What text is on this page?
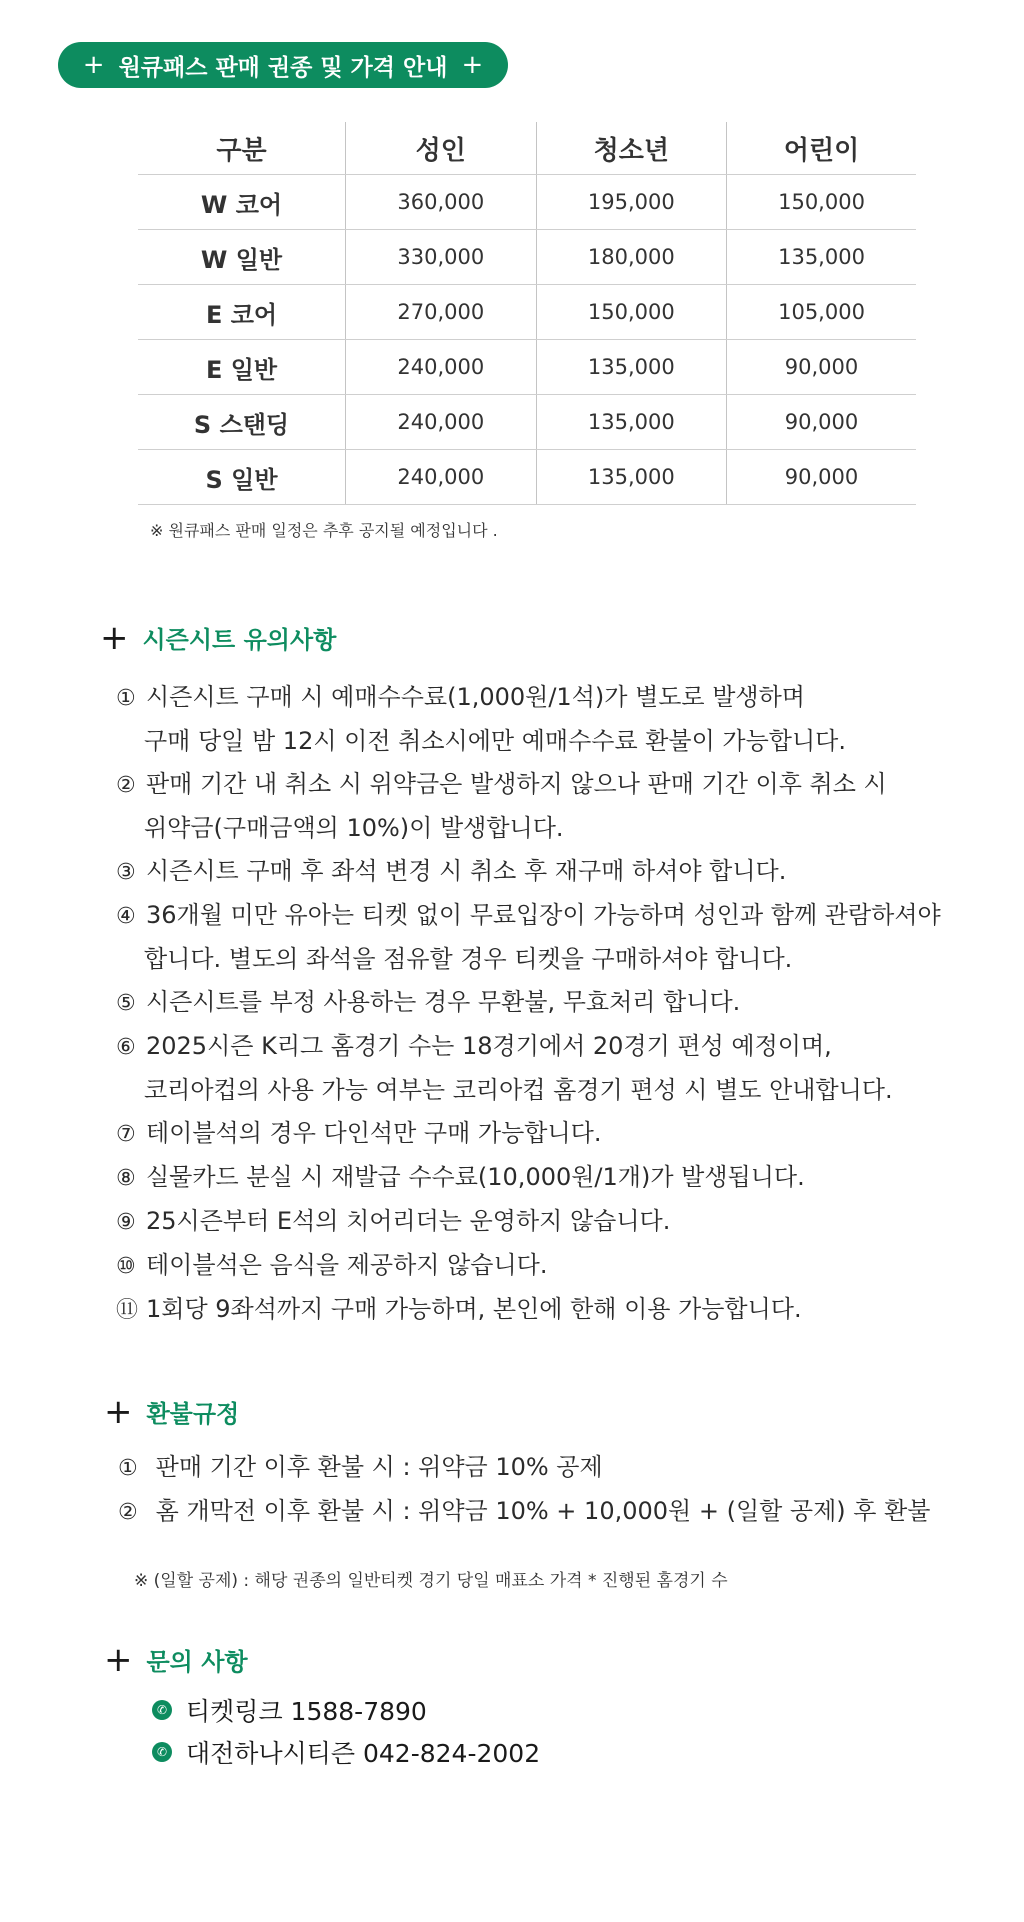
+ 원큐패스 판매 권종 및 가격 안내 +
구분	성인	청소년	어린이
W 코어	360,000	195,000	150,000
W 일반	330,000	180,000	135,000
E 코어	270,000	150,000	105,000
E 일반	240,000	135,000	90,000
S 스탠딩	240,000	135,000	90,000
S 일반	240,000	135,000	90,000
※ 원큐패스 판매 일정은 추후 공지될 예정입니다 .
+ 시즌시트 유의사항
① 시즌시트 구매 시 예매수수료(1,000원/1석)가 별도로 발생하며
구매 당일 밤 12시 이전 취소시에만 예매수수료 환불이 가능합니다.
② 판매 기간 내 취소 시 위약금은 발생하지 않으나 판매 기간 이후 취소 시
위약금(구매금액의 10%)이 발생합니다.
③ 시즌시트 구매 후 좌석 변경 시 취소 후 재구매 하셔야 합니다.
④ 36개월 미만 유아는 티켓 없이 무료입장이 가능하며 성인과 함께 관람하셔야
합니다. 별도의 좌석을 점유할 경우 티켓을 구매하셔야 합니다.
⑤ 시즌시트를 부정 사용하는 경우 무환불, 무효처리 합니다.
⑥ 2025시즌 K리그 홈경기 수는 18경기에서 20경기 편성 예정이며,
코리아컵의 사용 가능 여부는 코리아컵 홈경기 편성 시 별도 안내합니다.
⑦ 테이블석의 경우 다인석만 구매 가능합니다.
⑧ 실물카드 분실 시 재발급 수수료(10,000원/1개)가 발생됩니다.
⑨ 25시즌부터 E석의 치어리더는 운영하지 않습니다.
⑩ 테이블석은 음식을 제공하지 않습니다.
⑪ 1회당 9좌석까지 구매 가능하며, 본인에 한해 이용 가능합니다.
+ 환불규정
① 판매 기간 이후 환불 시 : 위약금 10% 공제
② 홈 개막전 이후 환불 시 : 위약금 10% + 10,000원 + (일할 공제) 후 환불
※ (일할 공제) : 해당 권종의 일반티켓 경기 당일 매표소 가격 * 진행된 홈경기 수
+ 문의 사항
✆ 티켓링크 1588-7890
✆ 대전하나시티즌 042-824-2002
